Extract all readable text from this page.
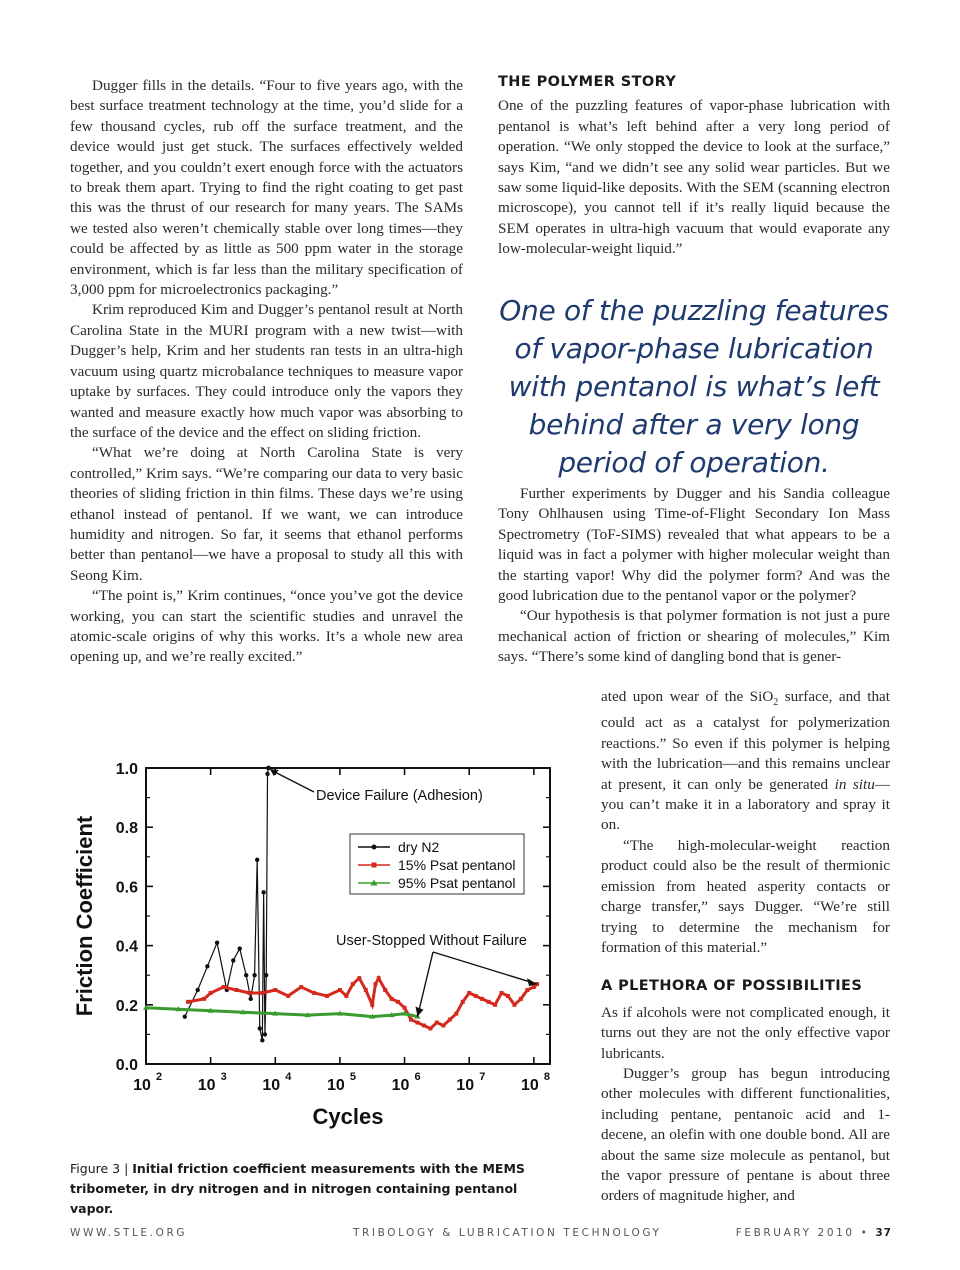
Dugger fills in the details. “Four to five years ago, with the best surface treatment technology at the time, you’d slide for a few thousand cycles, rub off the surface treatment, and the device would just get stuck. The surfaces effectively welded together, and you couldn’t exert enough force with the actuators to break them apart. Trying to find the right coating to get past this was the thrust of our research for many years. The SAMs we tested also weren’t chemically stable over long times—they could be affected by as little as 500 ppm water in the storage environment, which is far less than the military specification of 3,000 ppm for microelectronics packaging.”

Krim reproduced Kim and Dugger’s pentanol result at North Carolina State in the MURI program with a new twist—with Dugger’s help, Krim and her students ran tests in an ultra-high vacuum using quartz microbalance techniques to measure vapor uptake by surfaces. They could introduce only the vapors they wanted and measure exactly how much vapor was absorbing to the surface of the device and the effect on sliding friction.

“What we’re doing at North Carolina State is very controlled,” Krim says. “We’re comparing our data to very basic theories of sliding friction in thin films. These days we’re using ethanol instead of pentanol. If we want, we can introduce humidity and nitrogen. So far, it seems that ethanol performs better than pentanol—we have a proposal to study all this with Seong Kim.

“The point is,” Krim continues, “once you’ve got the device working, you can start the scientific studies and unravel the atomic-scale origins of why this works. It’s a whole new area opening up, and we’re really excited.”

THE POLYMER STORY

One of the puzzling features of vapor-phase lubrication with pentanol is what’s left behind after a very long period of operation. “We only stopped the device to look at the surface,” says Kim, “and we didn’t see any solid wear particles. But we saw some liquid-like deposits. With the SEM (scanning electron microscope), you cannot tell if it’s really liquid because the SEM operates in ultra-high vacuum that would evaporate any low-molecular-weight liquid.”

One of the puzzling features of vapor-phase lubrication with pentanol is what’s left behind after a very long period of operation.

Further experiments by Dugger and his Sandia colleague Tony Ohlhausen using Time-of-Flight Secondary Ion Mass Spectrometry (ToF-SIMS) revealed that what appears to be a liquid was in fact a polymer with higher molecular weight than the starting vapor! Why did the polymer form? And was the good lubrication due to the pentanol vapor or the polymer?

“Our hypothesis is that polymer formation is not just a pure mechanical action of friction or shearing of molecules,” Kim says. “There’s some kind of dangling bond that is gener-

ated upon wear of the SiO$_2$ surface, and that could act as a catalyst for polymerization reactions.” So even if this polymer is helping with the lubrication—and this remains unclear at present, it can only be generated in situ—you can’t make it in a laboratory and spray it on.

“The high-molecular-weight reaction product could also be the result of thermionic emission from heated asperity contacts or charge transfer,” says Dugger. “We’re still trying to determine the mechanism for formation of this material.”

A PLETHORA OF POSSIBILITIES

As if alcohols were not complicated enough, it turns out they are not the only effective vapor lubricants.

Dugger’s group has begun introducing other molecules with different functionalities, including pentane, pentanoic acid and 1-decene, an olefin with one double bond. All are about the same size molecule as pentanol, but the vapor pressure of pentane is about three orders of magnitude higher, and

0.0
0.2
0.4
0.6
0.8
1.0
10 2 10 3 10 4 10 5 10 6 10 7 10 8
Cycles
Friction Coefficient	dry N2
15% Psat pentanol
95% Psat pentanol
Device Failure (Adhesion)
User-Stopped Without Failure
Figure 3 | Initial friction coefficient measurements with the MEMS tribometer, in dry nitrogen and in nitrogen containing pentanol vapor.
WWW.STLE.ORG	TRIBOLOGY & LUBRICATION TECHNOLOGY	FEBRUARY 2010 • 37
